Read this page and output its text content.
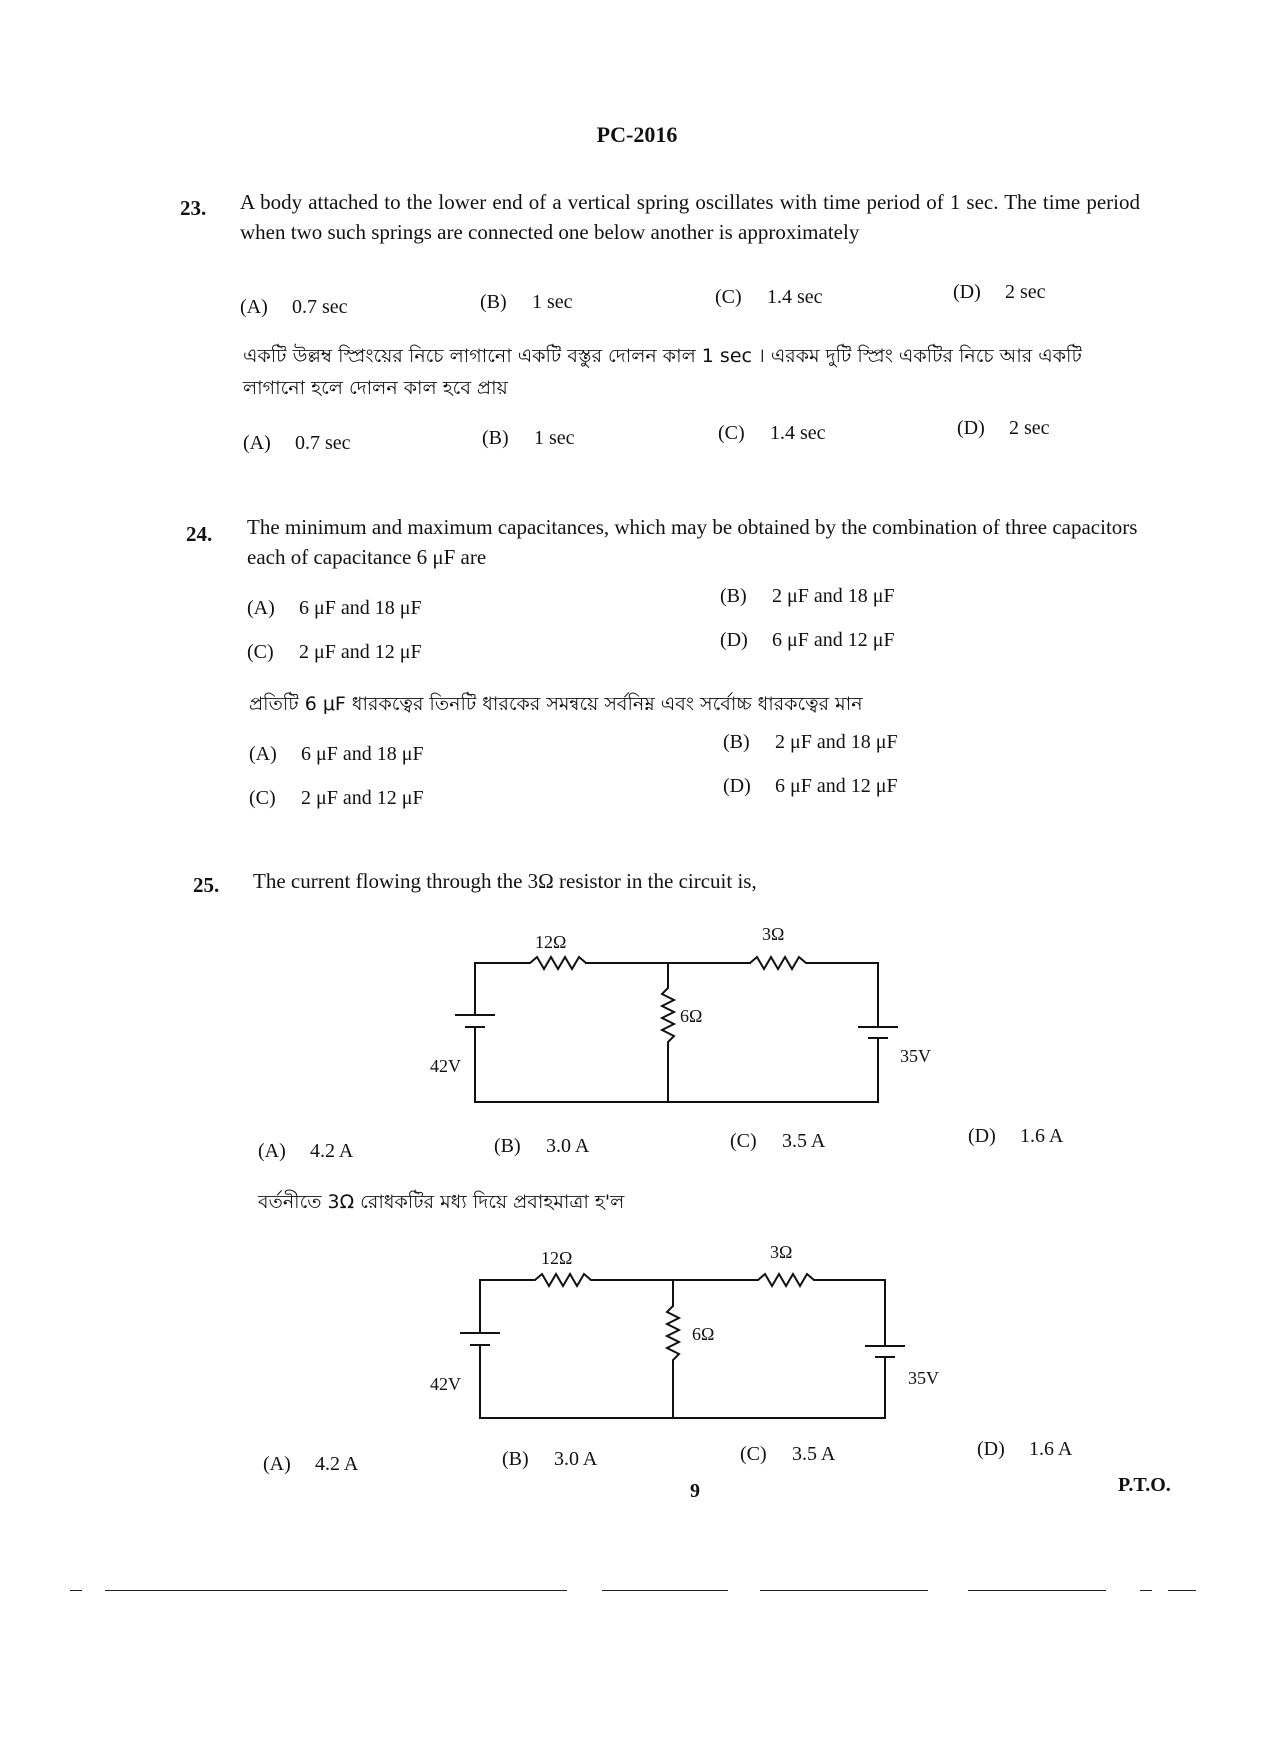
PC-2016
23. A body attached to the lower end of a vertical spring oscillates with time period of 1 sec. The time period when two such springs are connected one below another is approximately
(A) 0.7 sec	(B) 1 sec	(C) 1.4 sec	(D) 2 sec
একটি উল্লম্ব স্প্রিংয়ের নিচে লাগানো একটি বস্তুর দোলন কাল 1 sec । এরকম দুটি স্প্রিং একটির নিচে আর একটি লাগানো হলে দোলন কাল হবে প্রায়
(A) 0.7 sec	(B) 1 sec	(C) 1.4 sec	(D) 2 sec
24. The minimum and maximum capacitances, which may be obtained by the combination of three capacitors each of capacitance 6 μF are
(A) 6 μF and 18 μF
(B) 2 μF and 18 μF
(C) 2 μF and 12 μF
(D) 6 μF and 12 μF
প্রতিটি 6 μF ধারকত্বের তিনটি ধারকের সমন্বয়ে সর্বনিম্ন এবং সর্বোচ্চ ধারকত্বের মান
(A) 6 μF and 18 μF
(B) 2 μF and 18 μF
(C) 2 μF and 12 μF
(D) 6 μF and 12 μF
25. The current flowing through the 3Ω resistor in the circuit is,
12Ω	3Ω
6Ω
42V	35V
(A) 4.2 A	(B) 3.0 A	(C) 3.5 A	(D) 1.6 A
বর্তনীতে 3Ω রোধকটির মধ্য দিয়ে প্রবাহমাত্রা হ'ল
12Ω	3Ω
6Ω
42V	35V
(A) 4.2 A	(B) 3.0 A	(C) 3.5 A	(D) 1.6 A
9	P.T.O.
